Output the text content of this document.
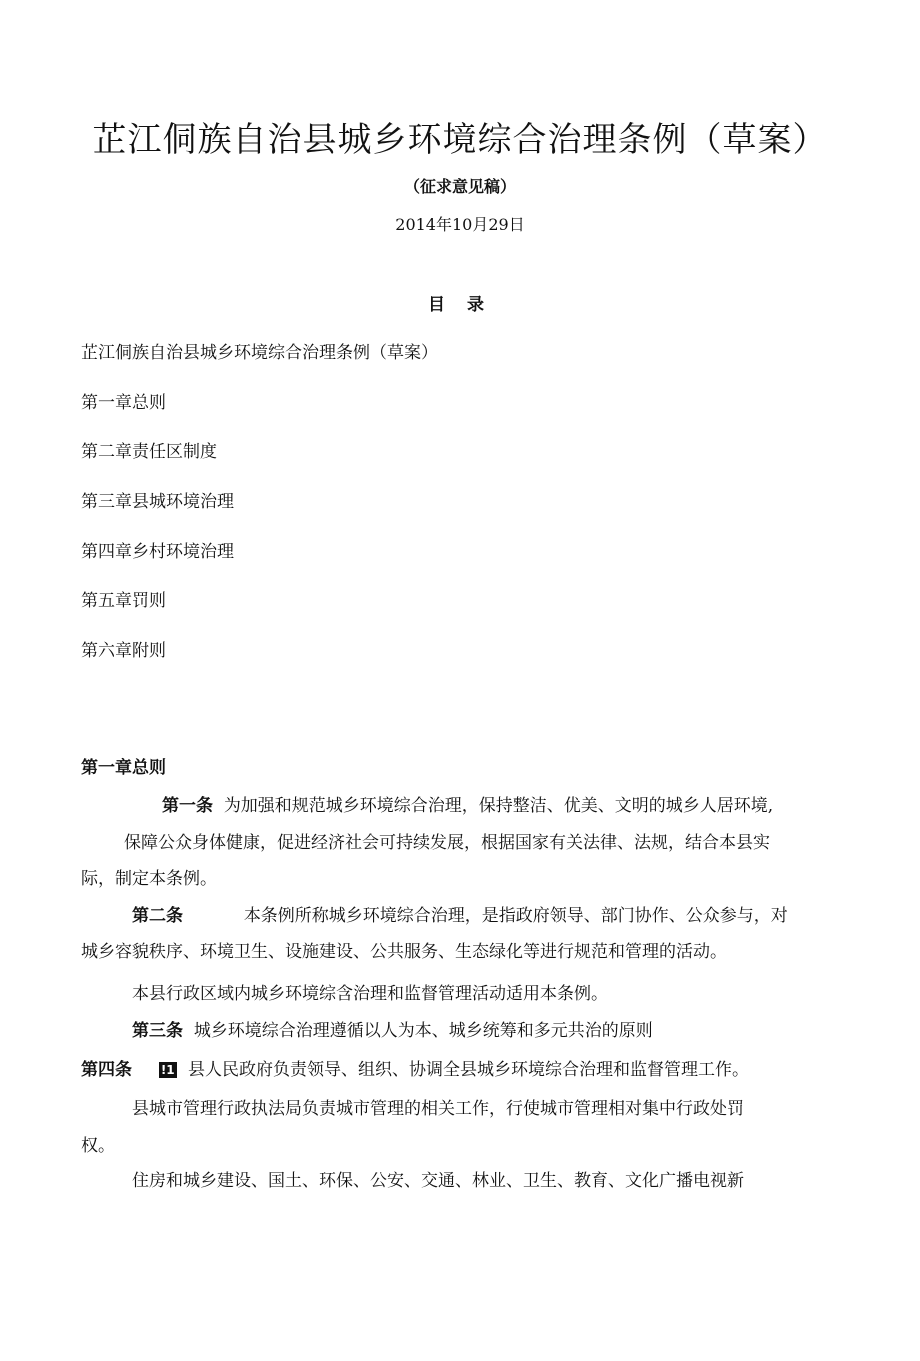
芷江侗族自治县城乡环境综合治理条例（草案）
（征求意见稿）
2014年10月29日
目 录
芷江侗族自治县城乡环境综合治理条例（草案）
第一章总则
第二章责任区制度
第三章县城环境治理
第四章乡村环境治理
第五章罚则
第六章附则
第一章总则
第一条 为加强和规范城乡环境综合治理，保持整洁、优美、文明的城乡人居环境,
保障公众身体健康，促进经济社会可持续发展，根据国家有关法律、法规，结合本县实
际，制定本条例。
第二条	本条例所称城乡环境综合治理，是指政府领导、部门协作、公众参与，对
城乡容貌秩序、环境卫生、设施建设、公共服务、生态绿化等进行规范和管理的活动。
本县行政区域内城乡环境综含治理和监督管理活动适用本条例。
第三条 城乡环境综合治理遵循以人为本、城乡统筹和多元共治的原则
第四条 !1 县人民政府负责领导、组织、协调全县城乡环境综合治理和监督管理工作。
县城市管理行政执法局负责城市管理的相关工作，行使城市管理相对集中行政处罚
权。
住房和城乡建设、国土、环保、公安、交通、林业、卫生、教育、文化广播电视新
